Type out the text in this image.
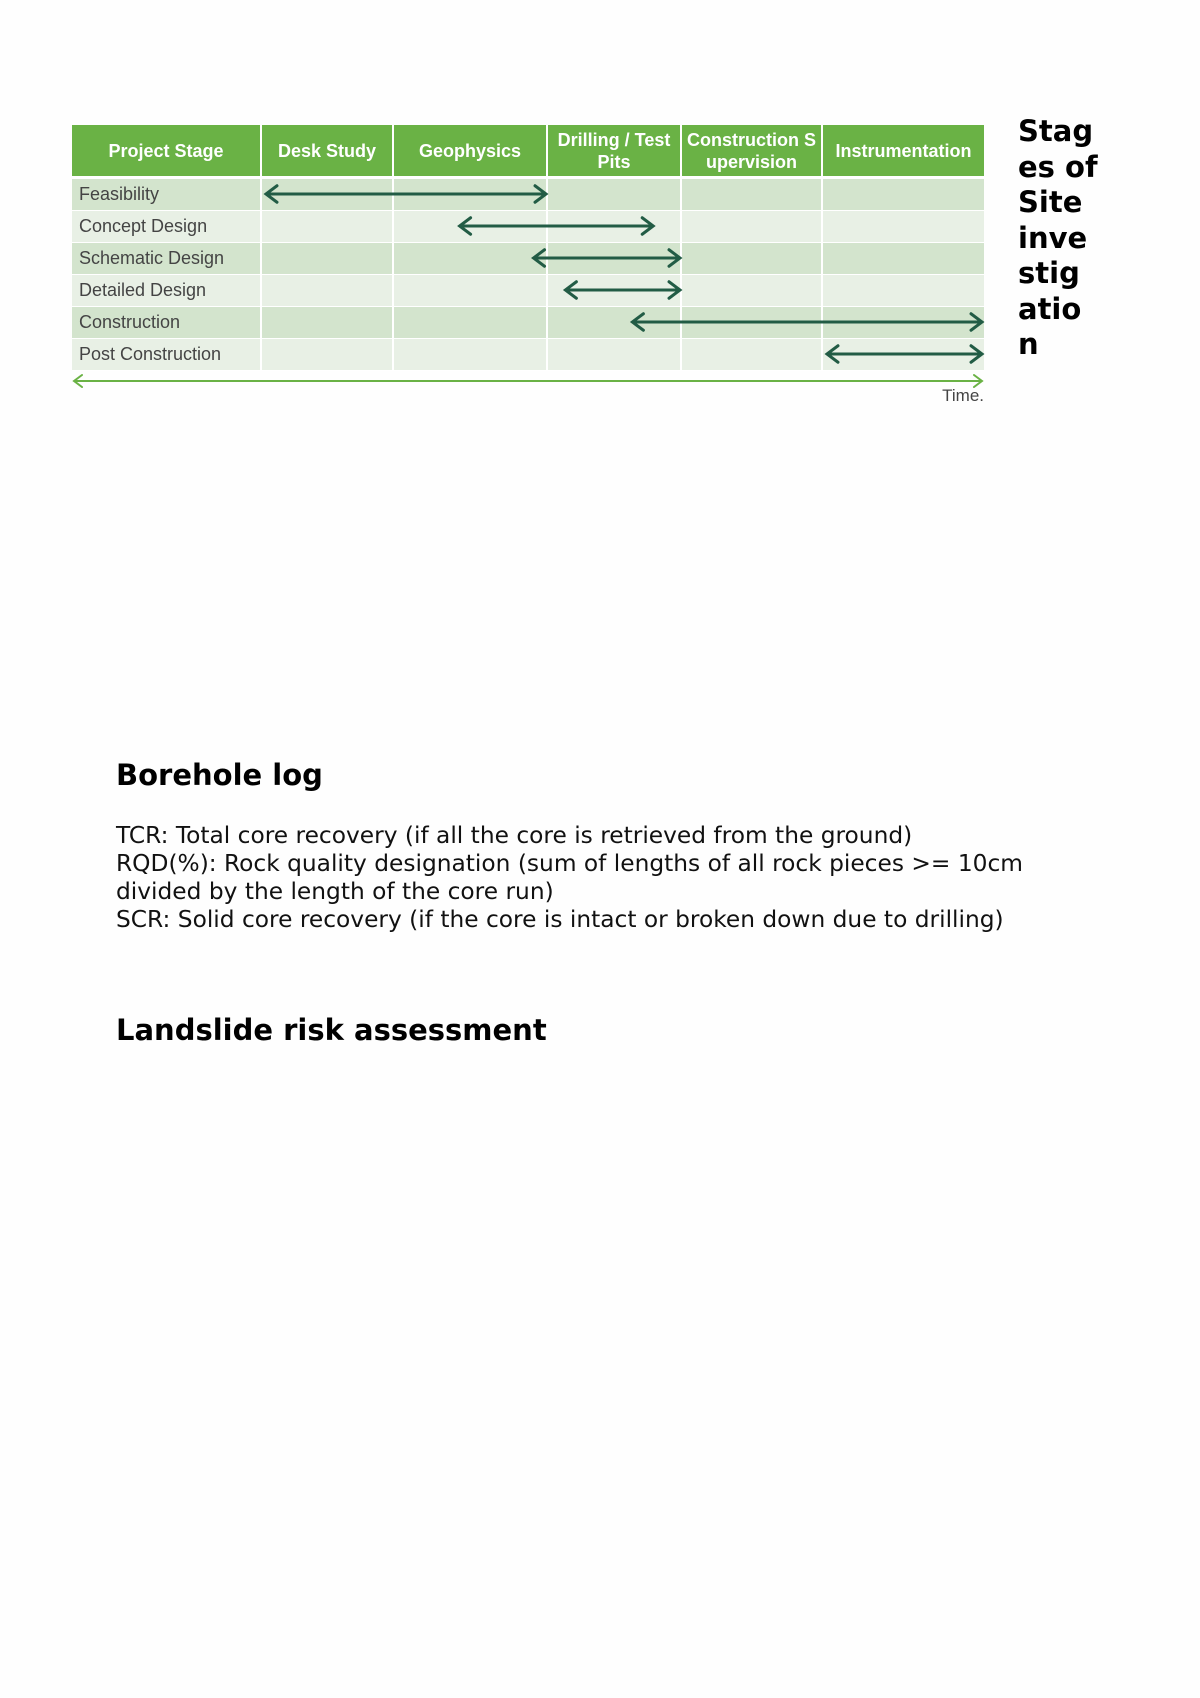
Project Stage	Desk Study	Geophysics	Drilling / Test Pits	Construction Supervision	Instrumentation
Feasibility					
Concept Design					
Schematic Design					
Detailed Design					
Construction					
Post Construction					
Time.
Stages of Site investigation
Borehole log

TCR: Total core recovery (if all the core is retrieved from the ground)

RQD(%): Rock quality designation (sum of lengths of all rock pieces >= 10cm divided by the length of the core run)

SCR: Solid core recovery (if the core is intact or broken down due to drilling)

Landslide risk assessment
